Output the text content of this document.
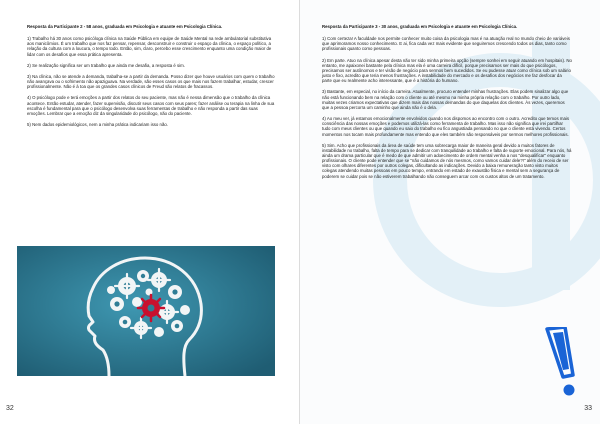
Resposta da Participante 2 - 58 anos, graduada em Psicologia e atuante em Psicologia Clínica.

1) Trabalho há 30 anos como psicóloga clínica na Saúde Pública em equipe de Saúde Mental na rede ambulatorial substitutiva aos manicômios. É um trabalho que nos faz pensar, repensar, desconstruir e construir o espaço da clínica, o espaço político, a relação da cultura com a loucura, o tempo todo. Então, sim, claro, percebo esse crescimento enquanto uma condição maior de lidar com os desafios que essa prática apresenta.

2) Se realização significa ser um trabalho que ainda me desafia, a resposta é sim.

3) Na clínica, não se atende a demanda, trabalha-se a partir da demanda. Posso dizer que houve usuários com quem o trabalho não avançava ou o sofrimento não apaziguava. Na verdade, são esses casos os que mais nos fazem trabalhar, estudar, crescer profissionalmente. Não é à toa que os grandes casos clínicos de Freud são relatos de fracassos.

4) O psicólogo pode e terá emoções a partir dos relatos do seu paciente, mas não é nessa dimensão que o trabalho da clínica acontece. Então estudar, atender, fazer supervisão, discutir seus casos com seus pares; fazer análise ou terapia na linha de sua escolha é fundamental para que o psicólogo desenvolva suas ferramentas de trabalho e não responda a partir das suas emoções. Lembrar que a emoção diz da singularidade do psicólogo, não do paciente.

5) Nem dados epidemiológicos, nem a minha prática indicariam isso não.

32

Resposta da Participante 3 - 30 anos, graduada em Psicologia e atuante em Psicologia Clínica.

1) Com certeza! A faculdade nos permite conhecer muito coisa da psicologia mas é na atuação real no mundo cheio de variáveis que aprimoramos nosso conhecimento. E ai, fica cada vez mais evidente que seguiremos crescendo todos os dias, tanto como profissionais quanto como pessoas.

2) Em parte. Atuo na clínica apesar desta não ter sido minha primeira opção (sempre sonhei em seguir atuando em hospitais). No entanto, me apaixonei bastante pela clínica mas ela é uma carreira difícil, porque precisamos ser mais do que psicólogos, precisamos ser autônomos e ter visão de negócio para sermos bem sucedidos. Se eu pudesse atuar como clínica sob um salário justo e fixo, acredito que teria menos frustrações. A instabilidade do mercado e os desafios dos negócios me faz desfocar da parte que eu realmente acho interessante, que é a história do humano.

3) Bastante, em especial, no início da carreira. Atualmente, procuro entender minhas frustrações. Elas podem sinalizar algo que não está funcionando bem na relação com o cliente ou até mesmo na minha própria relação com o trabalho. Por outro lado, muitas vezes criamos expectativas que dizem mais das nossas demandas do que daquelas dos clientes. Às vezes, queremos que a pessoa percorra um caminho que ainda não é o dela.

4) Ao meu ver, já estamos emocionalmente envolvidos quando nos dispomos ao encontro com o outro. Acredito que temos mais consciência das nossas emoções e podemos utilizá-las como ferramenta de trabalho. Mas isso não significa que irei partilhar tudo com meus clientes ou que quando eu saio do trabalho eu fico angustiada pensando no que o cliente está vivendo. Certos momentos nos tocam mais profundamente mas entendo que eles também são responsáveis por sermos melhores profissionais.

5) Sim. Acho que profissionais da área de saúde tem uma sobrecarga maior de maneira geral devido a muitos fatores de instabilidade no trabalho, falta de tempo para se dedicar com tranquilidade ao trabalho e falta de suporte emocional. Para nós, há ainda um drama particular que é medo de que admitir um adoecimento de ordem mental venha a nos "desqualificar" enquanto profissionais. O cliente pode entender que se "não cuidamos de nós mesmos, como vamos cuidar dele?!" além do receio de ser visto com olhares diferentes por outros colegas, dificultando as indicações. Devido a baixa remuneração tanto visto muitos colegas atendendo muitas pessoas em pouco tempo, entrando em estado de exaustão física e mental sem a segurança de poderem se cuidar pois se não estiverem trabalhando não conseguem arcar com os custos altos de um tratamento.

33
